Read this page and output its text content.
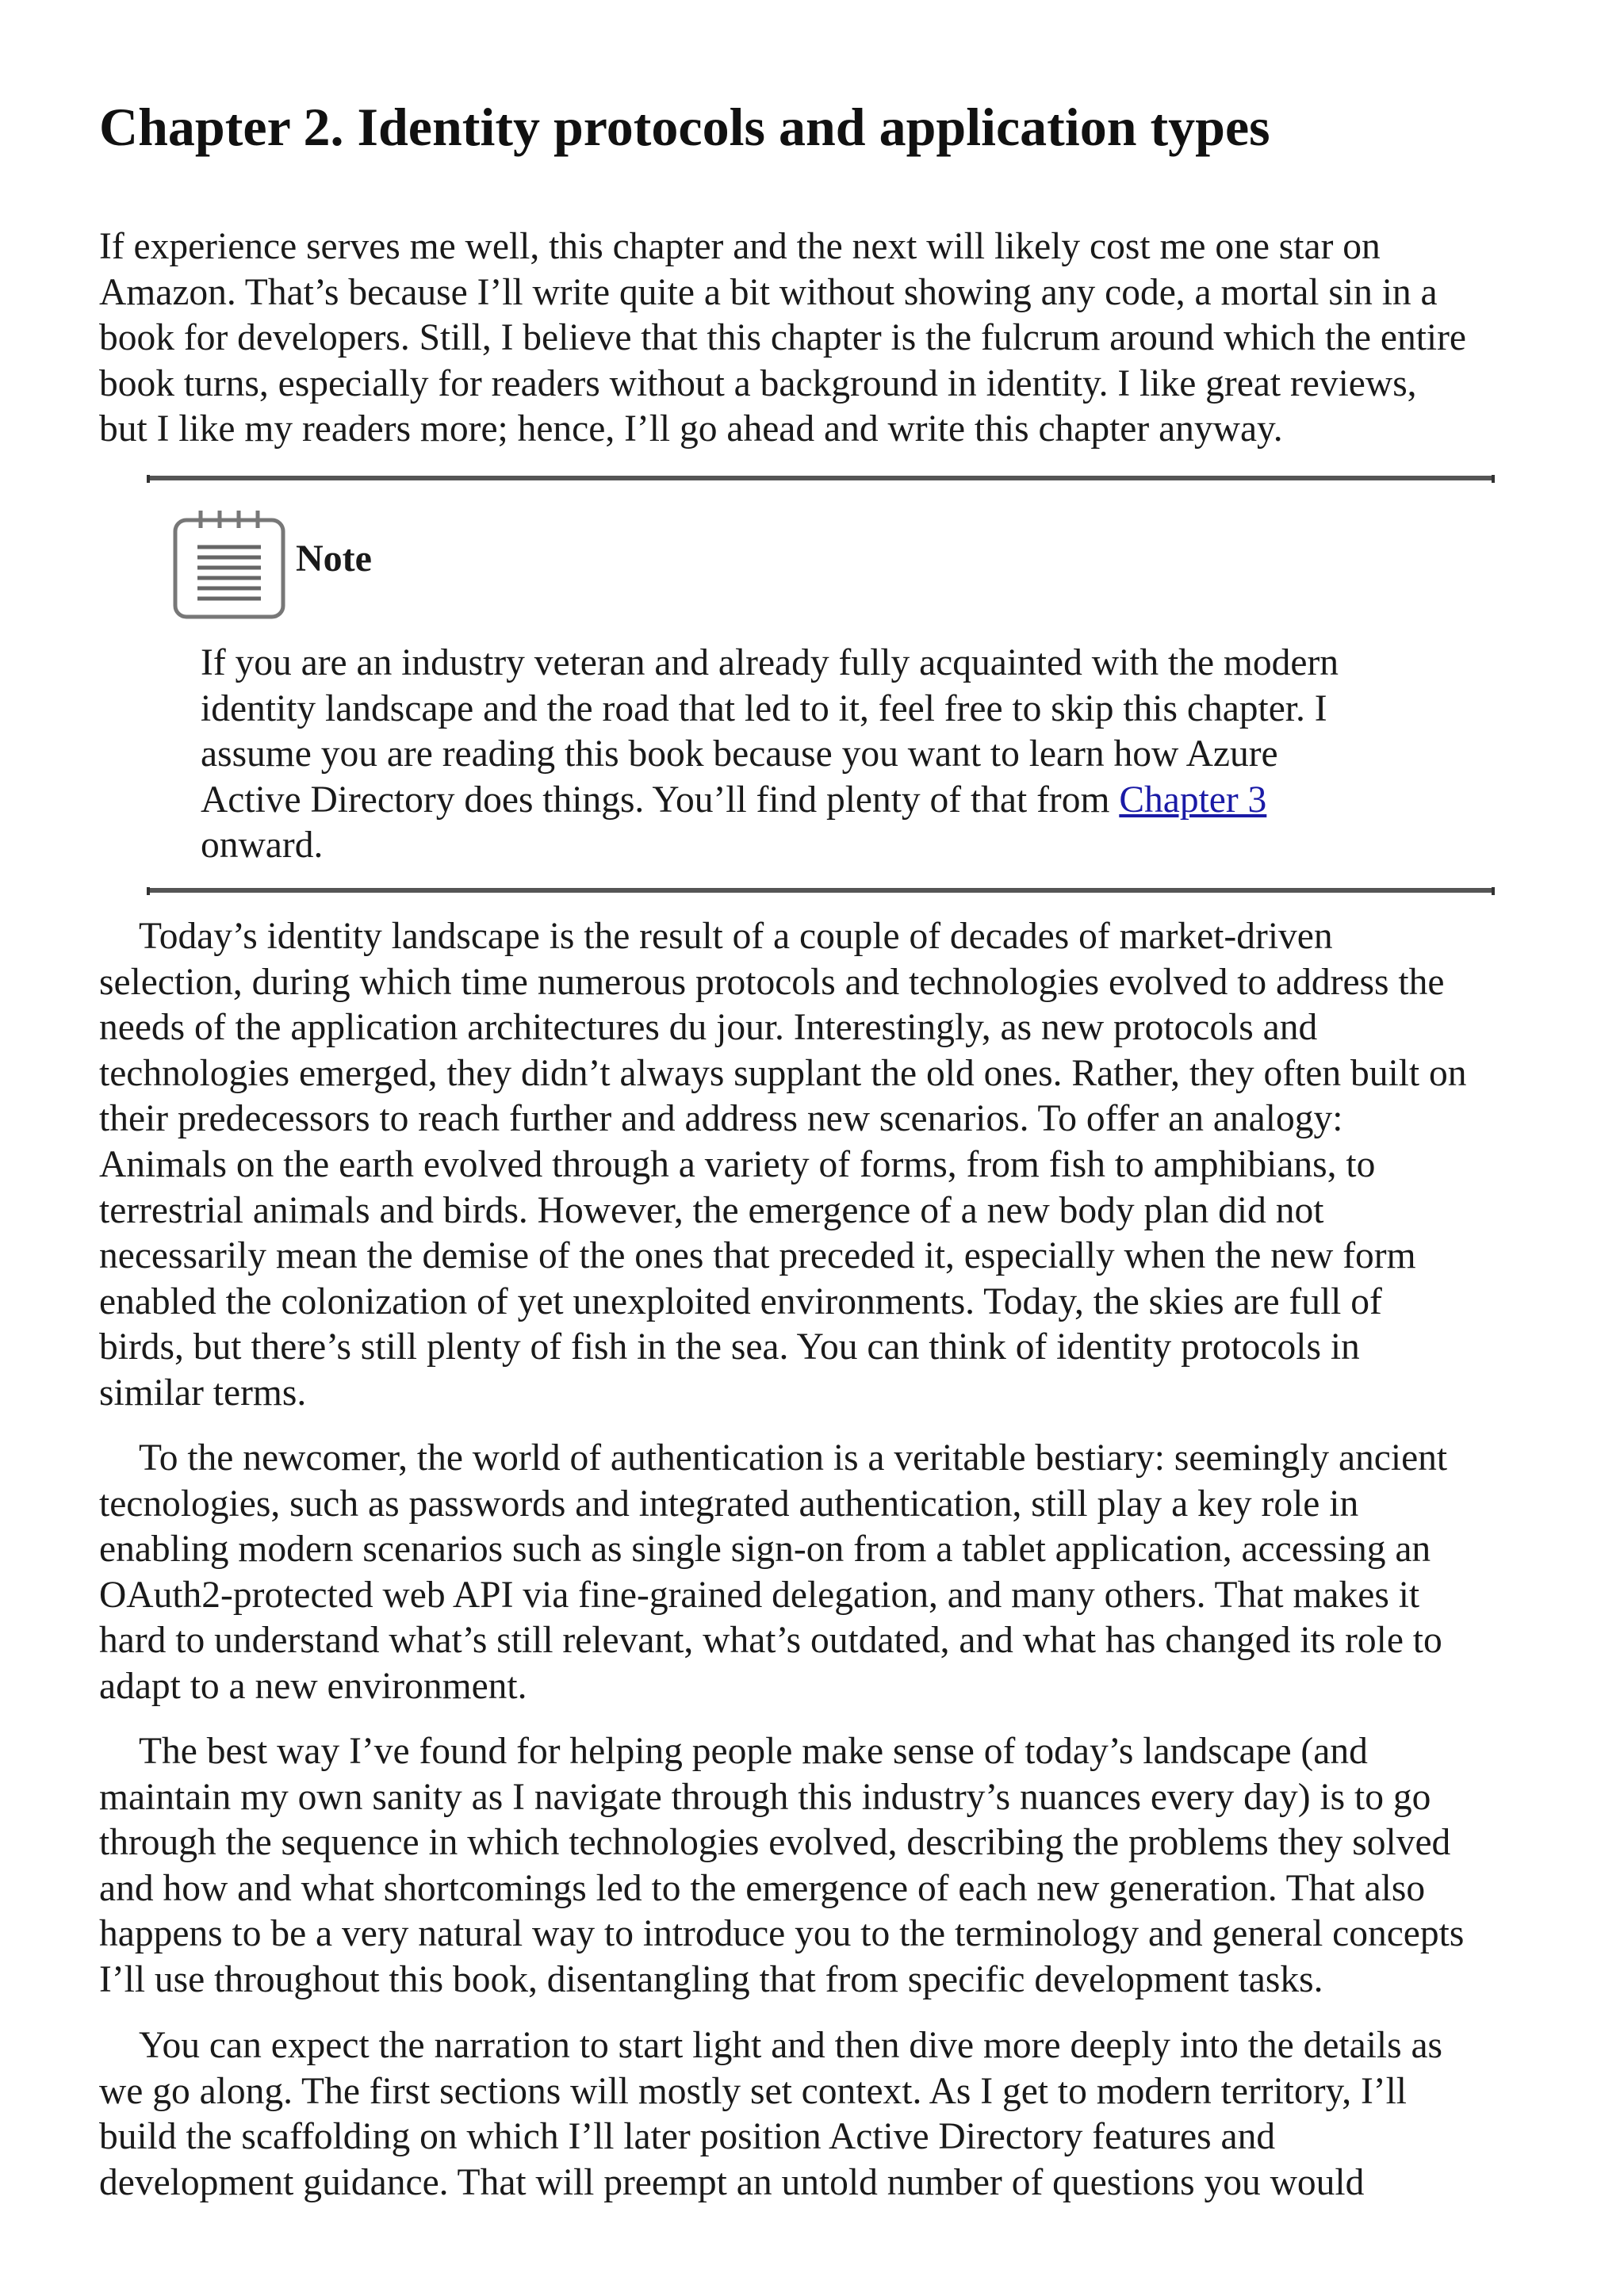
Chapter 2. Identity protocols and application types

If experience serves me well, this chapter and the next will likely cost me one star on
Amazon. That’s because I’ll write quite a bit without showing any code, a mortal sin in a
book for developers. Still, I believe that this chapter is the fulcrum around which the entire
book turns, especially for readers without a background in identity. I like great reviews,
but I like my readers more; hence, I’ll go ahead and write this chapter anyway.

Note
If you are an industry veteran and already fully acquainted with the modern
identity landscape and the road that led to it, feel free to skip this chapter. I
assume you are reading this book because you want to learn how Azure
Active Directory does things. You’ll find plenty of that from Chapter 3
onward.

Today’s identity landscape is the result of a couple of decades of market-driven
selection, during which time numerous protocols and technologies evolved to address the
needs of the application architectures du jour. Interestingly, as new protocols and
technologies emerged, they didn’t always supplant the old ones. Rather, they often built on
their predecessors to reach further and address new scenarios. To offer an analogy:
Animals on the earth evolved through a variety of forms, from fish to amphibians, to
terrestrial animals and birds. However, the emergence of a new body plan did not
necessarily mean the demise of the ones that preceded it, especially when the new form
enabled the colonization of yet unexploited environments. Today, the skies are full of
birds, but there’s still plenty of fish in the sea. You can think of identity protocols in
similar terms.

To the newcomer, the world of authentication is a veritable bestiary: seemingly ancient
tecnologies, such as passwords and integrated authentication, still play a key role in
enabling modern scenarios such as single sign-on from a tablet application, accessing an
OAuth2-protected web API via fine-grained delegation, and many others. That makes it
hard to understand what’s still relevant, what’s outdated, and what has changed its role to
adapt to a new environment.

The best way I’ve found for helping people make sense of today’s landscape (and
maintain my own sanity as I navigate through this industry’s nuances every day) is to go
through the sequence in which technologies evolved, describing the problems they solved
and how and what shortcomings led to the emergence of each new generation. That also
happens to be a very natural way to introduce you to the terminology and general concepts
I’ll use throughout this book, disentangling that from specific development tasks.

You can expect the narration to start light and then dive more deeply into the details as
we go along. The first sections will mostly set context. As I get to modern territory, I’ll
build the scaffolding on which I’ll later position Active Directory features and
development guidance. That will preempt an untold number of questions you would
